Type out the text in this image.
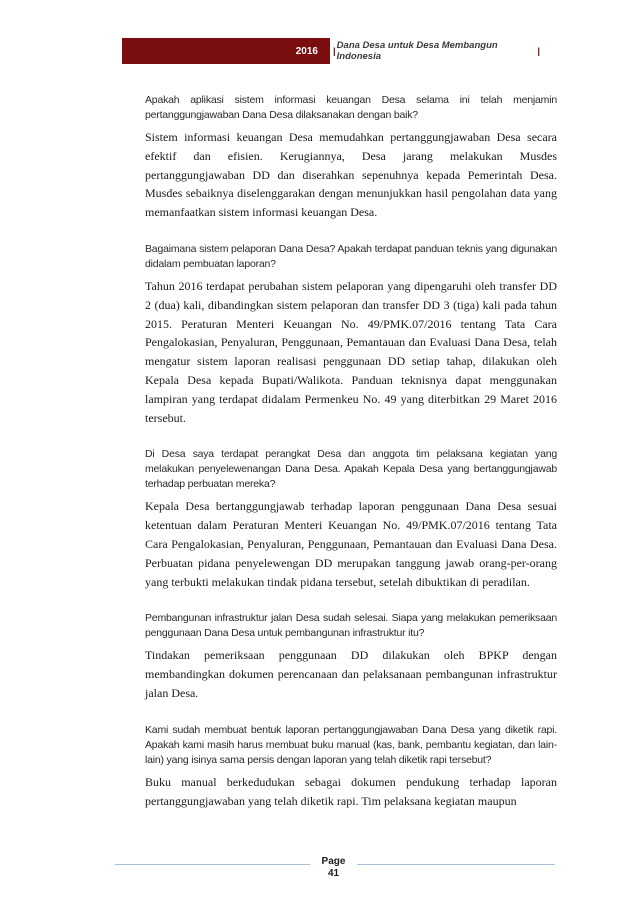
2016	| Dana Desa untuk Desa Membangun Indonesia	|

Apakah aplikasi sistem informasi keuangan Desa selama ini telah menjamin pertanggungjawaban Dana Desa dilaksanakan dengan baik?

Sistem informasi keuangan Desa memudahkan pertanggungjawaban Desa secara efektif dan efisien. Kerugiannya, Desa jarang melakukan Musdes pertanggungjawaban DD dan diserahkan sepenuhnya kepada Pemerintah Desa. Musdes sebaiknya diselenggarakan dengan menunjukkan hasil pengolahan data yang memanfaatkan sistem informasi keuangan Desa.

Bagaimana sistem pelaporan Dana Desa? Apakah terdapat panduan teknis yang digunakan didalam pembuatan laporan?

Tahun 2016 terdapat perubahan sistem pelaporan yang dipengaruhi oleh transfer DD 2 (dua) kali, dibandingkan sistem pelaporan dan transfer DD 3 (tiga) kali pada tahun 2015. Peraturan Menteri Keuangan No. 49/PMK.07/2016 tentang Tata Cara Pengalokasian, Penyaluran, Penggunaan, Pemantauan dan Evaluasi Dana Desa, telah mengatur sistem laporan realisasi penggunaan DD setiap tahap, dilakukan oleh Kepala Desa kepada Bupati/Walikota. Panduan teknisnya dapat menggunakan lampiran yang terdapat didalam Permenkeu No. 49 yang diterbitkan 29 Maret 2016 tersebut.

Di Desa saya terdapat perangkat Desa dan anggota tim pelaksana kegiatan yang melakukan penyelewenangan Dana Desa. Apakah Kepala Desa yang bertanggungjawab terhadap perbuatan mereka?

Kepala Desa bertanggungjawab terhadap laporan penggunaan Dana Desa sesuai ketentuan dalam Peraturan Menteri Keuangan No. 49/PMK.07/2016 tentang Tata Cara Pengalokasian, Penyaluran, Penggunaan, Pemantauan dan Evaluasi Dana Desa. Perbuatan pidana penyelewengan DD merupakan tanggung jawab orang-per-orang yang terbukti melakukan tindak pidana tersebut, setelah dibuktikan di peradilan.

Pembangunan infrastruktur jalan Desa sudah selesai. Siapa yang melakukan pemeriksaan penggunaan Dana Desa untuk pembangunan infrastruktur itu?

Tindakan pemeriksaan penggunaan DD dilakukan oleh BPKP dengan membandingkan dokumen perencanaan dan pelaksanaan pembangunan infrastruktur jalan Desa.

Kami sudah membuat bentuk laporan pertanggungjawaban Dana Desa yang diketik rapi. Apakah kami masih harus membuat buku manual (kas, bank, pembantu kegiatan, dan lain-lain) yang isinya sama persis dengan laporan yang telah diketik rapi tersebut?

Buku manual berkedudukan sebagai dokumen pendukung terhadap laporan pertanggungjawaban yang telah diketik rapi. Tim pelaksana kegiatan maupun

Page
41
